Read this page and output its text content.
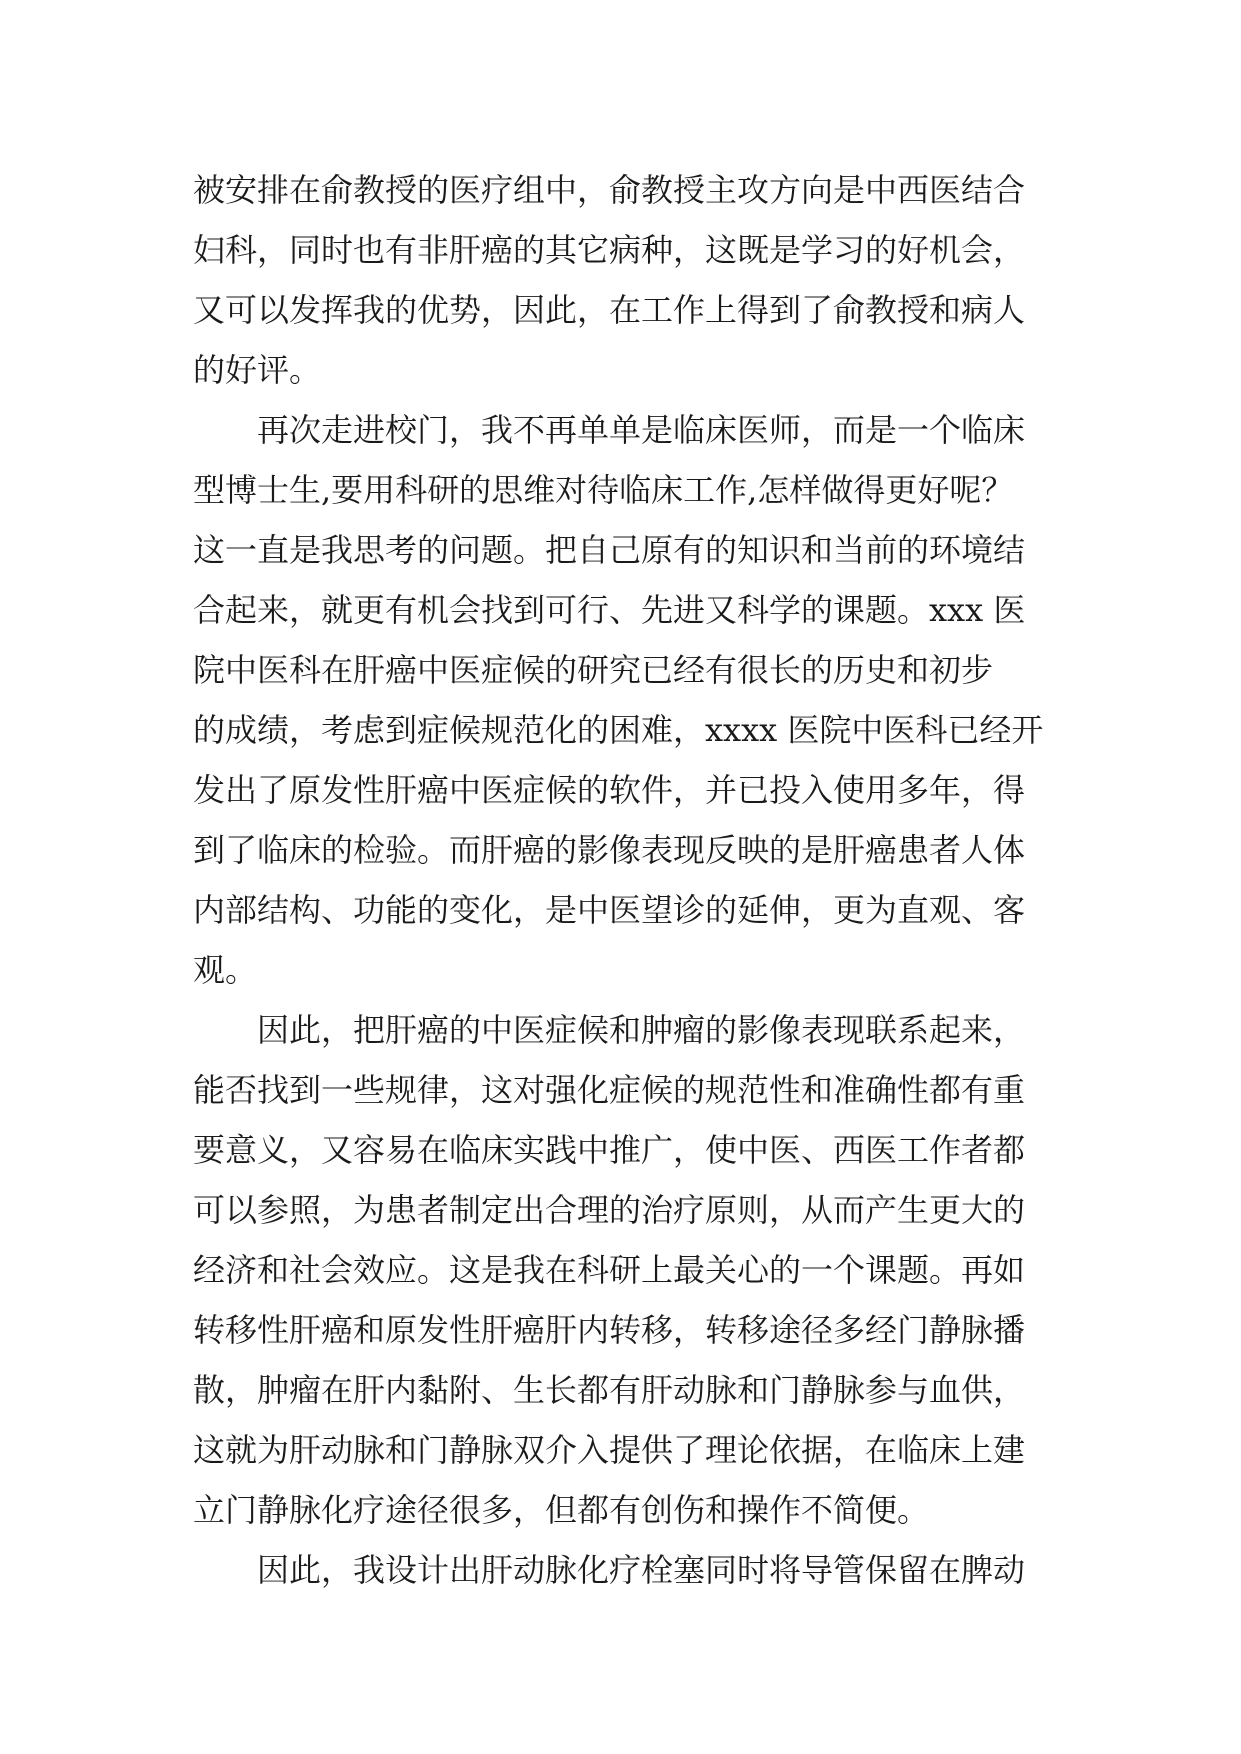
被安排在俞教授的医疗组中，俞教授主攻方向是中西医结合
妇科，同时也有非肝癌的其它病种，这既是学习的好机会，
又可以发挥我的优势，因此，在工作上得到了俞教授和病人
的好评。
　　再次走进校门，我不再单单是临床医师，而是一个临床
型博士生,要用科研的思维对待临床工作,怎样做得更好呢？
这一直是我思考的问题。把自己原有的知识和当前的环境结
合起来，就更有机会找到可行、先进又科学的课题。xxx 医
院中医科在肝癌中医症候的研究已经有很长的历史和初步
的成绩，考虑到症候规范化的困难，xxxx 医院中医科已经开
发出了原发性肝癌中医症候的软件，并已投入使用多年，得
到了临床的检验。而肝癌的影像表现反映的是肝癌患者人体
内部结构、功能的变化，是中医望诊的延伸，更为直观、客
观。
　　因此，把肝癌的中医症候和肿瘤的影像表现联系起来，
能否找到一些规律，这对强化症候的规范性和准确性都有重
要意义，又容易在临床实践中推广，使中医、西医工作者都
可以参照，为患者制定出合理的治疗原则，从而产生更大的
经济和社会效应。这是我在科研上最关心的一个课题。再如
转移性肝癌和原发性肝癌肝内转移，转移途径多经门静脉播
散，肿瘤在肝内黏附、生长都有肝动脉和门静脉参与血供，
这就为肝动脉和门静脉双介入提供了理论依据，在临床上建
立门静脉化疗途径很多，但都有创伤和操作不简便。
　　因此，我设计出肝动脉化疗栓塞同时将导管保留在脾动
